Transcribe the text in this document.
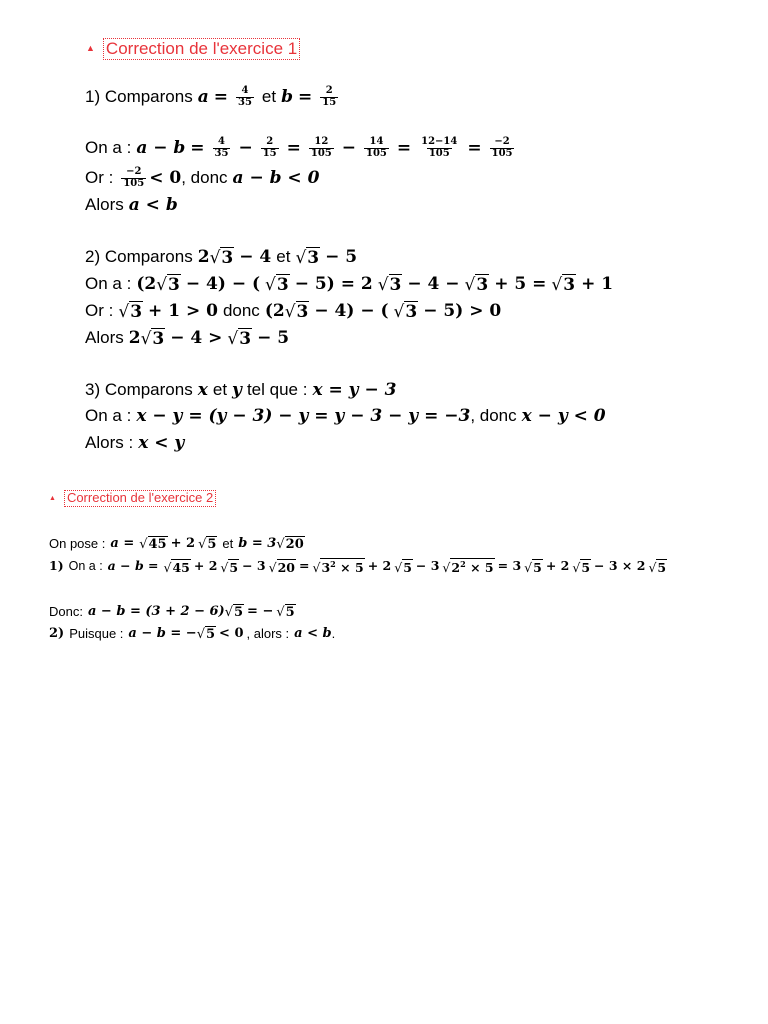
▲ Correction de l'exercice 1
1) Comparons $a = \frac{4}{35}$ et $b = \frac{2}{15}$
On a : $a - b = \frac{4}{35} - \frac{2}{15} = \frac{12}{105} - \frac{14}{105} = \frac{12-14}{105} = \frac{-2}{105}$
Or : $\frac{-2}{105} < 0$ , donc a − b < 0
Alors a < b
2) Comparons 2 √ 3 − 4 et √ 3 − 5
On a : (2 √ 3 − 4) − ( √ 3 − 5) = 2 √ 3 − 4 − √ 3 + 5 = √ 3 + 1
Or : √ 3 + 1 > 0 donc (2 √ 3 − 4) − ( √ 3 − 5) > 0
Alors 2 √ 3 − 4 > √ 3 − 5
3) Comparons x et y tel que : x = y − 3
On a : x − y = (y − 3) − y = y − 3 − y = −3 , donc x − y < 0
Alors : x < y
▲ Correction de l'exercice 2
On pose : a = √ 45 + 2 √ 5 et b = 3 √ 20
1) On a : a − b = √ 45 + 2 √ 5 − 3 √ 20 = √ $3^2 \times 5 + 2$ √ 5 − 3 √ $2^2 \times 5 = 3$ √ 5 + 2 √ 5 − 3 × 2 √ 5
Donc: a − b = (3 + 2 − 6) √ 5 = − √ 5
2) Puisque : a − b = − √ 5 < 0 , alors : a < b .
